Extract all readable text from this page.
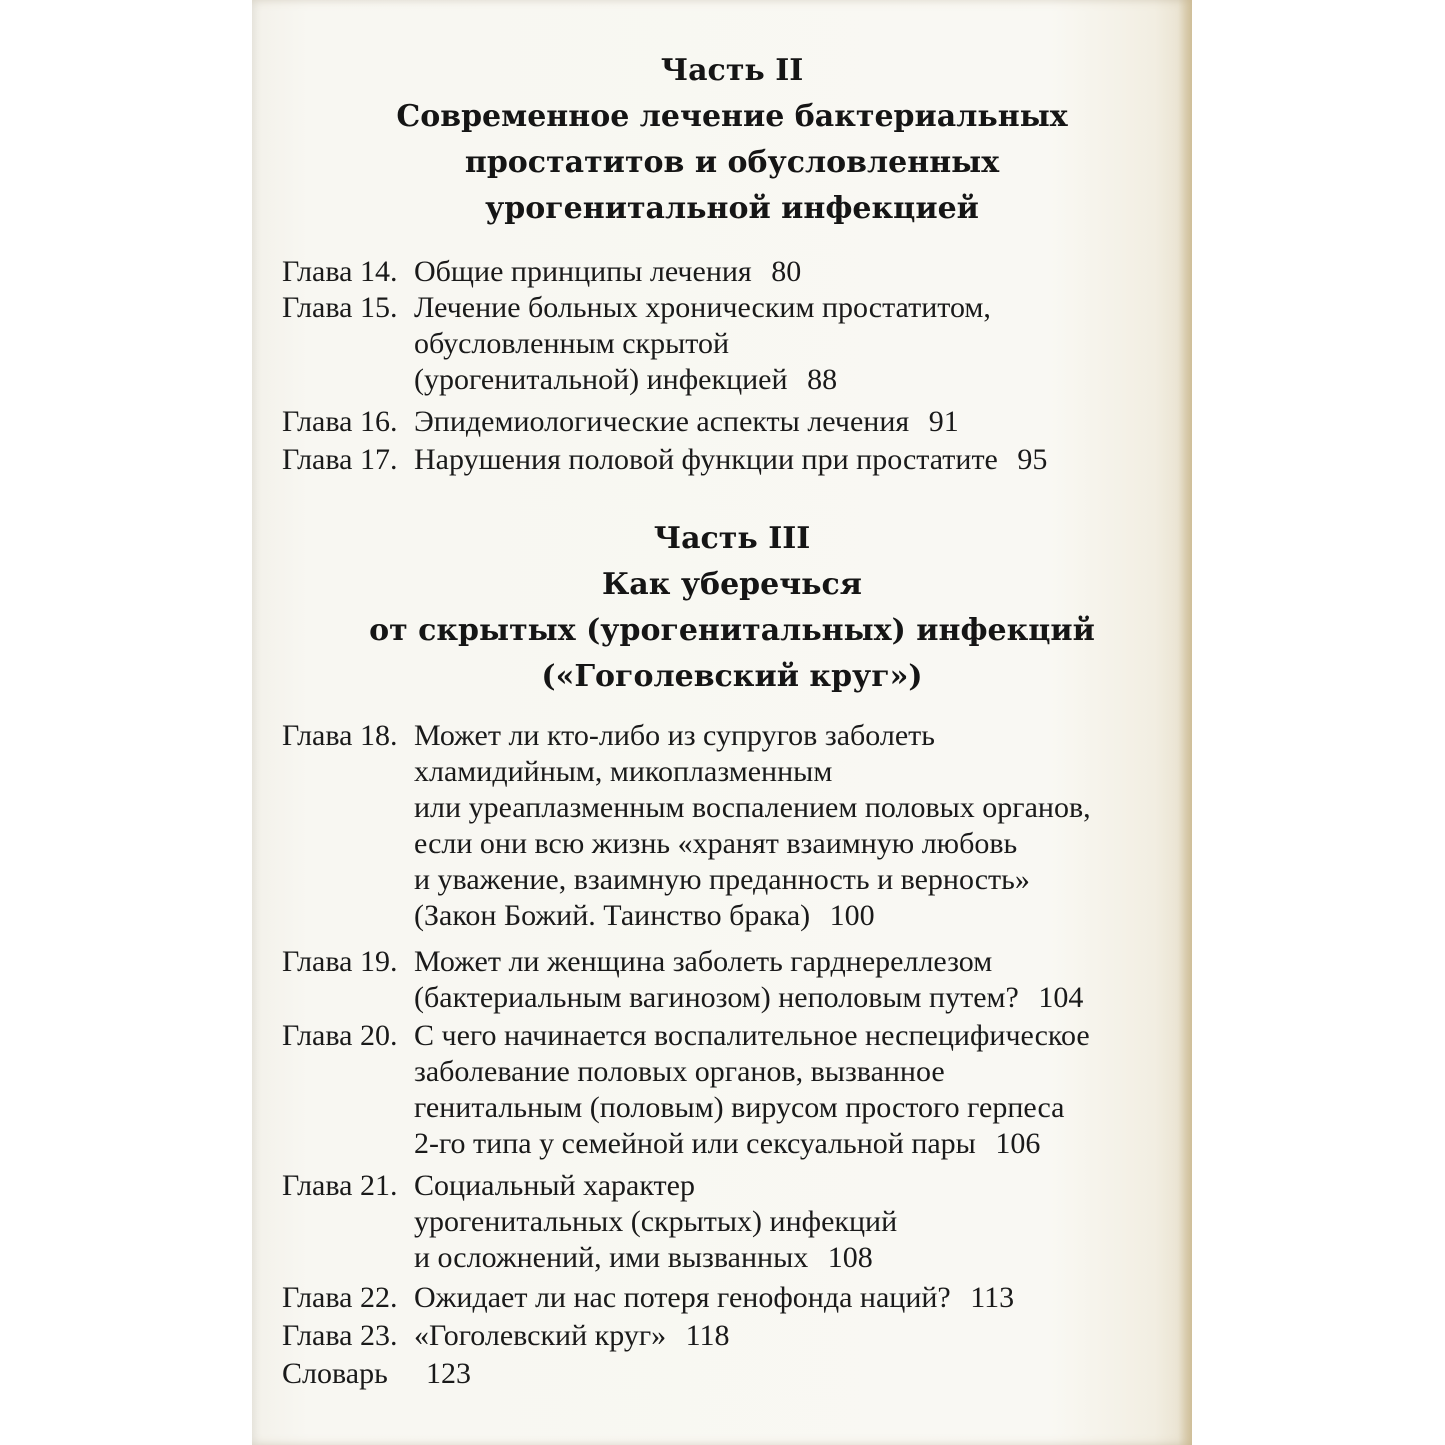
Часть II
Современное лечение бактериальных
простатитов и обусловленных
урогенитальной инфекцией
Глава 14. Общие принципы лечения 80
Глава 15. Лечение больных хроническим простатитом,
обусловленным скрытой
(урогенитальной) инфекцией 88
Глава 16. Эпидемиологические аспекты лечения 91
Глава 17. Нарушения половой функции при простатите 95
Часть III
Как уберечься
от скрытых (урогенитальных) инфекций
(«Гоголевский круг»)
Глава 18. Может ли кто-либо из супругов заболеть
хламидийным, микоплазменным
или уреаплазменным воспалением половых органов,
если они всю жизнь «хранят взаимную любовь
и уважение, взаимную преданность и верность»
(Закон Божий. Таинство брака) 100
Глава 19. Может ли женщина заболеть гарднереллезом
(бактериальным вагинозом) неполовым путем? 104
Глава 20. С чего начинается воспалительное неспецифическое
заболевание половых органов, вызванное
генитальным (половым) вирусом простого герпеса
2-го типа у семейной или сексуальной пары 106
Глава 21. Социальный характер
урогенитальных (скрытых) инфекций
и осложнений, ими вызванных 108
Глава 22. Ожидает ли нас потеря генофонда наций? 113
Глава 23. «Гоголевский круг» 118
Словарь	123
